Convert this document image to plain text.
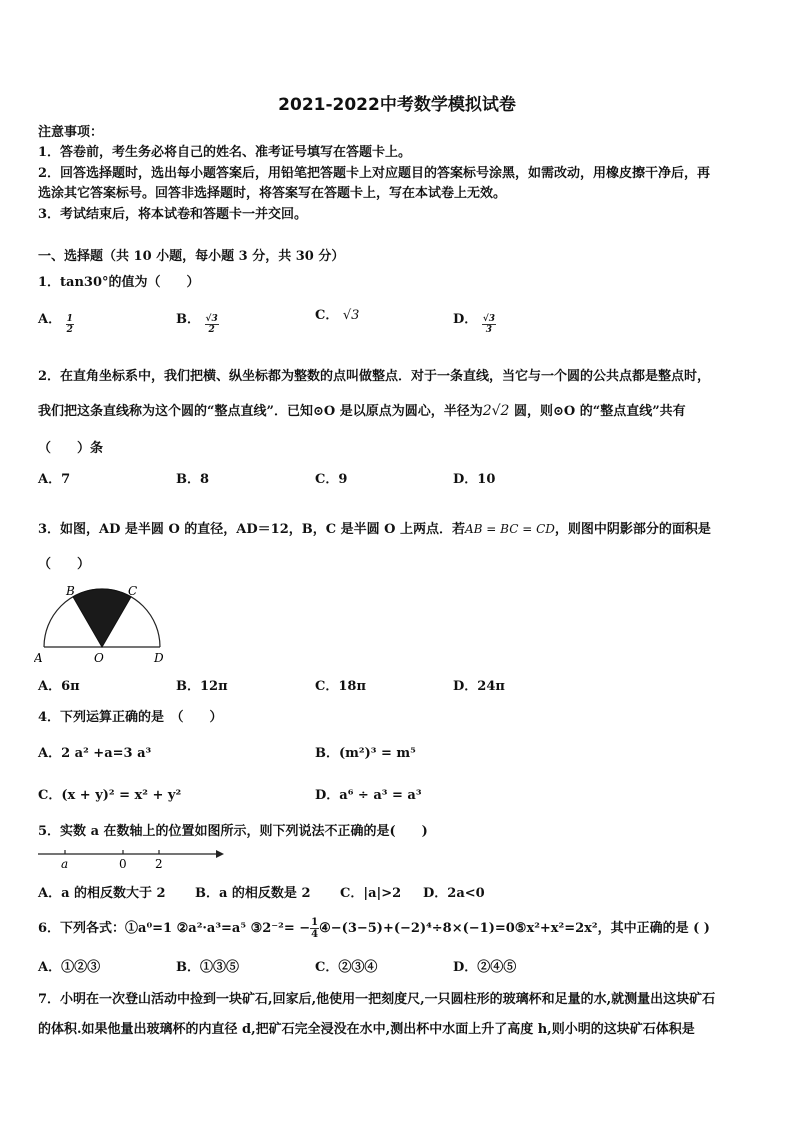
2021-2022中考数学模拟试卷
注意事项：
1．答卷前，考生务必将自己的姓名、准考证号填写在答题卡上。
2．回答选择题时，选出每小题答案后，用铅笔把答题卡上对应题目的答案标号涂黑，如需改动，用橡皮擦干净后，再
选涂其它答案标号。回答非选择题时，将答案写在答题卡上，写在本试卷上无效。
3．考试结束后，将本试卷和答题卡一并交回。
一、选择题（共 10 小题，每小题 3 分，共 30 分）
1．tan30°的值为（　　）
A． $\frac{1}{2}$	B． $\frac{√3}{2}$	C． √3	D． $\frac{√3}{3}$
2．在直角坐标系中，我们把横、纵坐标都为整数的点叫做整点．对于一条直线，当它与一个圆的公共点都是整点时，
我们把这条直线称为这个圆的“整点直线”．已知⊙O 是以原点为圆心，半径为2√2 圆，则⊙O 的“整点直线”共有
（　　）条
A．7	B．8	C．9	D．10
3．如图，AD 是半圆 O 的直径，AD＝12，B，C 是半圆 O 上两点．若AB = BC = CD，则图中阴影部分的面积是
（　　）
A
B	C
D
O
A．6π	B．12π	C．18π	D．24π
4．下列运算正确的是　（　　）
A．2 a² +a=3 a³	B．(m²)³ = m⁵
C．(x + y)² = x² + y²	D．a⁶ ÷ a³ = a³
5．实数 a 在数轴上的位置如图所示，则下列说法不正确的是(　　)
a	0 2
A．a 的相反数大于 2 B．a 的相反数是 2 C．|a|>2 D．2a<0
6．下列各式：①a⁰=1 ②a²·a³=a⁵ ③2⁻²= − $\frac{1}{4}$ ④−(3−5)+(−2)⁴÷8×(−1)=0⑤x²+x²=2x²，其中正确的是 ( )
A．①②③	B．①③⑤	C．②③④	D．②④⑤
7．小明在一次登山活动中捡到一块矿石,回家后,他使用一把刻度尺,一只圆柱形的玻璃杯和足量的水,就测量出这块矿石
的体积.如果他量出玻璃杯的内直径 d,把矿石完全浸没在水中,测出杯中水面上升了高度 h,则小明的这块矿石体积是
